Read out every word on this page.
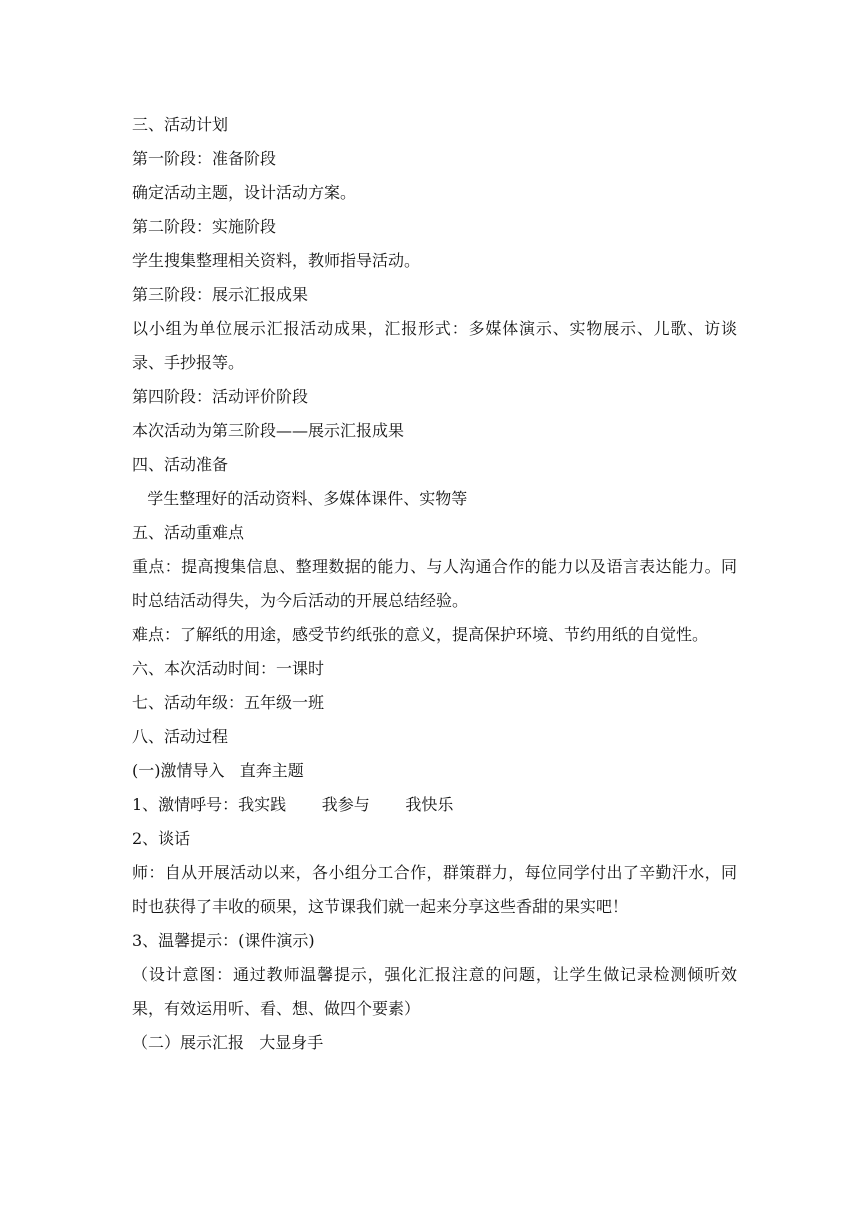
三、活动计划

第一阶段：准备阶段

确定活动主题，设计活动方案。

第二阶段：实施阶段

学生搜集整理相关资料，教师指导活动。

第三阶段：展示汇报成果

以小组为单位展示汇报活动成果，汇报形式：多媒体演示、实物展示、儿歌、访谈录、手抄报等。

第四阶段：活动评价阶段

本次活动为第三阶段——展示汇报成果

四、活动准备

学生整理好的活动资料、多媒体课件、实物等

五、活动重难点

重点：提高搜集信息、整理数据的能力、与人沟通合作的能力以及语言表达能力。同时总结活动得失，为今后活动的开展总结经验。

难点：了解纸的用途，感受节约纸张的意义，提高保护环境、节约用纸的自觉性。

六、本次活动时间：一课时

七、活动年级：五年级一班

八、活动过程

(一)激情导入   直奔主题

1、激情呼号：我实践       我参与       我快乐

2、谈话

师：自从开展活动以来，各小组分工合作，群策群力，每位同学付出了辛勤汗水，同时也获得了丰收的硕果，这节课我们就一起来分享这些香甜的果实吧！

3、温馨提示：(课件演示)

（设计意图：通过教师温馨提示，强化汇报注意的问题，让学生做记录检测倾听效果，有效运用听、看、想、做四个要素）

（二）展示汇报   大显身手
